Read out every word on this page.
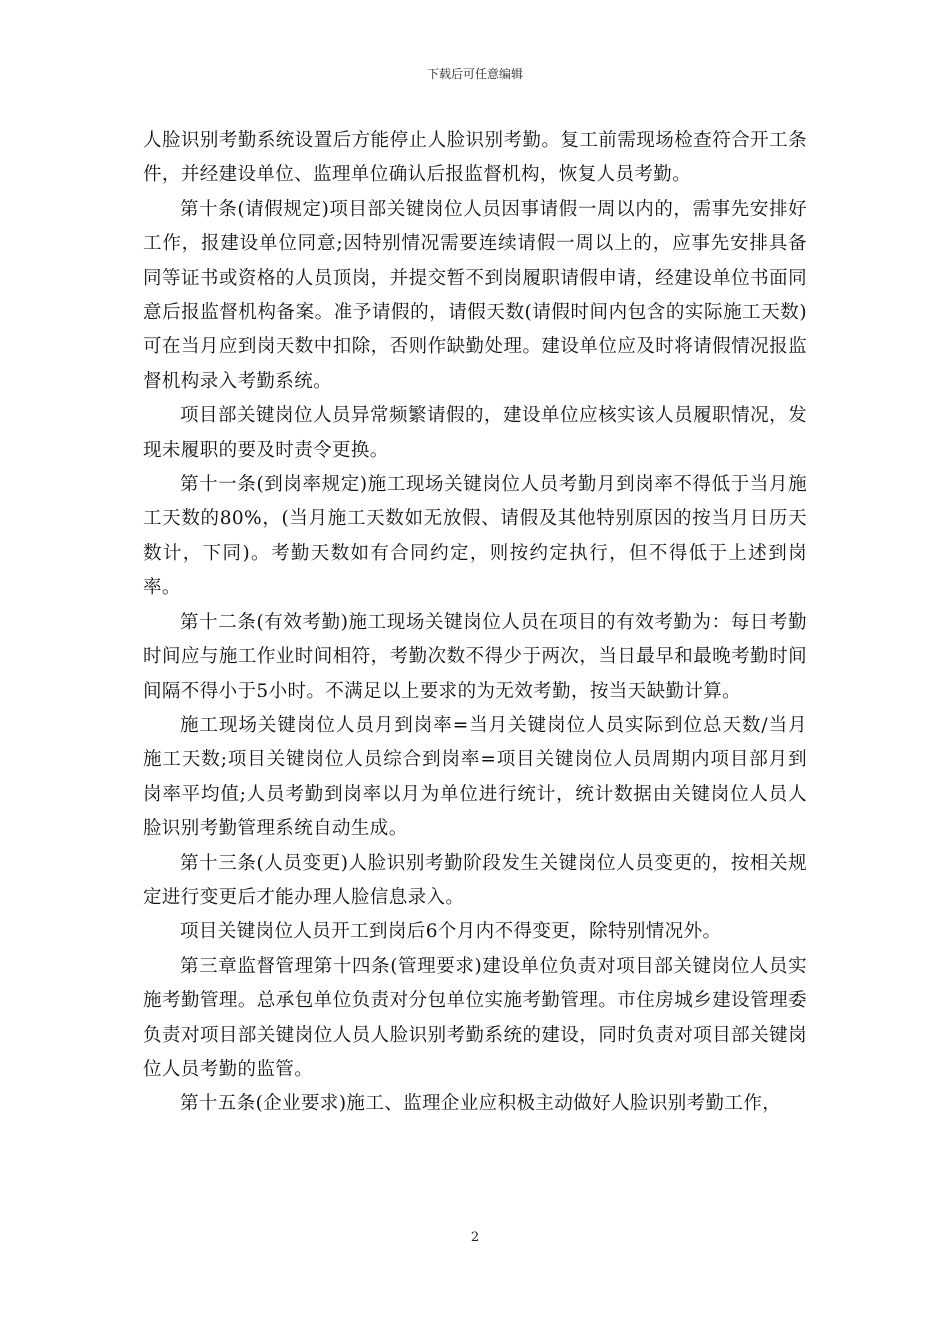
下载后可任意编辑

人脸识别考勤系统设置后方能停止人脸识别考勤。复工前需现场检查符合开工条件，并经建设单位、监理单位确认后报监督机构，恢复人员考勤。

第十条(请假规定)项目部关键岗位人员因事请假一周以内的，需事先安排好工作，报建设单位同意;因特别情况需要连续请假一周以上的，应事先安排具备同等证书或资格的人员顶岗，并提交暂不到岗履职请假申请，经建设单位书面同意后报监督机构备案。准予请假的，请假天数(请假时间内包含的实际施工天数)可在当月应到岗天数中扣除，否则作缺勤处理。建设单位应及时将请假情况报监督机构录入考勤系统。

项目部关键岗位人员异常频繁请假的，建设单位应核实该人员履职情况，发现未履职的要及时责令更换。

第十一条(到岗率规定)施工现场关键岗位人员考勤月到岗率不得低于当月施工天数的80%，(当月施工天数如无放假、请假及其他特别原因的按当月日历天数计，下同)。考勤天数如有合同约定，则按约定执行，但不得低于上述到岗率。

第十二条(有效考勤)施工现场关键岗位人员在项目的有效考勤为：每日考勤时间应与施工作业时间相符，考勤次数不得少于两次，当日最早和最晚考勤时间间隔不得小于5小时。不满足以上要求的为无效考勤，按当天缺勤计算。

施工现场关键岗位人员月到岗率=当月关键岗位人员实际到位总天数/当月施工天数;项目关键岗位人员综合到岗率=项目关键岗位人员周期内项目部月到岗率平均值;人员考勤到岗率以月为单位进行统计，统计数据由关键岗位人员人脸识别考勤管理系统自动生成。

第十三条(人员变更)人脸识别考勤阶段发生关键岗位人员变更的，按相关规定进行变更后才能办理人脸信息录入。

项目关键岗位人员开工到岗后6个月内不得变更，除特别情况外。

第三章监督管理第十四条(管理要求)建设单位负责对项目部关键岗位人员实施考勤管理。总承包单位负责对分包单位实施考勤管理。市住房城乡建设管理委负责对项目部关键岗位人员人脸识别考勤系统的建设，同时负责对项目部关键岗位人员考勤的监管。

第十五条(企业要求)施工、监理企业应积极主动做好人脸识别考勤工作，

2
